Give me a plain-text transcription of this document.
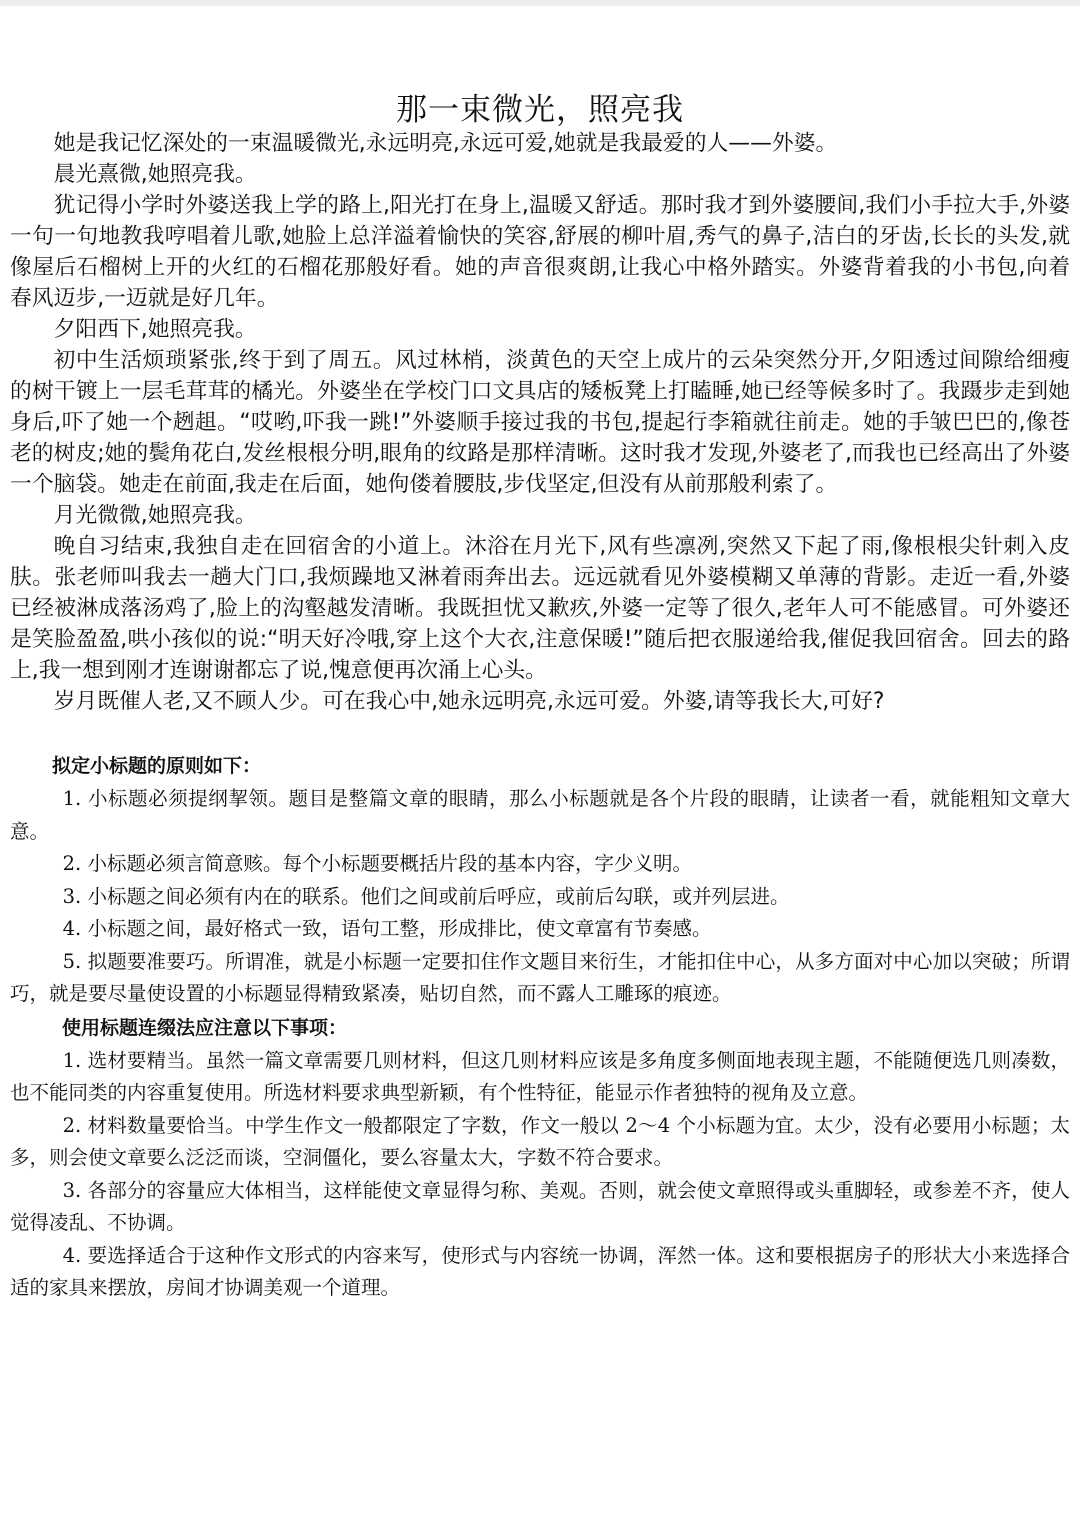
那一束微光，照亮我

她是我记忆深处的一束温暖微光,永远明亮,永远可爱,她就是我最爱的人——外婆。

晨光熹微,她照亮我。

犹记得小学时外婆送我上学的路上,阳光打在身上,温暖又舒适。那时我才到外婆腰间,我们小手拉大手,外婆一句一句地教我哼唱着儿歌,她脸上总洋溢着愉快的笑容,舒展的柳叶眉,秀气的鼻子,洁白的牙齿,长长的头发,就像屋后石榴树上开的火红的石榴花那般好看。她的声音很爽朗,让我心中格外踏实。外婆背着我的小书包,向着春风迈步,一迈就是好几年。

夕阳西下,她照亮我。

初中生活烦琐紧张,终于到了周五。风过林梢，淡黄色的天空上成片的云朵突然分开,夕阳透过间隙给细瘦的树干镀上一层毛茸茸的橘光。外婆坐在学校门口文具店的矮板凳上打瞌睡,她已经等候多时了。我蹑步走到她身后,吓了她一个趔趄。“哎哟,吓我一跳!”外婆顺手接过我的书包,提起行李箱就往前走。她的手皱巴巴的,像苍老的树皮;她的鬓角花白,发丝根根分明,眼角的纹路是那样清晰。这时我才发现,外婆老了,而我也已经高出了外婆一个脑袋。她走在前面,我走在后面，她佝偻着腰肢,步伐坚定,但没有从前那般利索了。

月光微微,她照亮我。

晚自习结束,我独自走在回宿舍的小道上。沐浴在月光下,风有些凛冽,突然又下起了雨,像根根尖针刺入皮肤。张老师叫我去一趟大门口,我烦躁地又淋着雨奔出去。远远就看见外婆模糊又单薄的背影。走近一看,外婆已经被淋成落汤鸡了,脸上的沟壑越发清晰。我既担忧又歉疚,外婆一定等了很久,老年人可不能感冒。可外婆还是笑脸盈盈,哄小孩似的说:“明天好冷哦,穿上这个大衣,注意保暖!”随后把衣服递给我,催促我回宿舍。回去的路上,我一想到刚才连谢谢都忘了说,愧意便再次涌上心头。

岁月既催人老,又不顾人少。可在我心中,她永远明亮,永远可爱。外婆,请等我长大,可好?

拟定小标题的原则如下：

1. 小标题必须提纲挈领。题目是整篇文章的眼睛，那么小标题就是各个片段的眼睛，让读者一看，就能粗知文章大意。

2. 小标题必须言简意赅。每个小标题要概括片段的基本内容，字少义明。

3. 小标题之间必须有内在的联系。他们之间或前后呼应，或前后勾联，或并列层进。

4. 小标题之间，最好格式一致，语句工整，形成排比，使文章富有节奏感。

5. 拟题要准要巧。所谓准，就是小标题一定要扣住作文题目来衍生，才能扣住中心，从多方面对中心加以突破；所谓巧，就是要尽量使设置的小标题显得精致紧凑，贴切自然，而不露人工雕琢的痕迹。

使用标题连缀法应注意以下事项：

1. 选材要精当。虽然一篇文章需要几则材料，但这几则材料应该是多角度多侧面地表现主题，不能随便选几则凑数，也不能同类的内容重复使用。所选材料要求典型新颖，有个性特征，能显示作者独特的视角及立意。

2. 材料数量要恰当。中学生作文一般都限定了字数，作文一般以 2～4 个小标题为宜。太少，没有必要用小标题；太多，则会使文章要么泛泛而谈，空洞僵化，要么容量太大，字数不符合要求。

3. 各部分的容量应大体相当，这样能使文章显得匀称、美观。否则，就会使文章照得或头重脚轻，或参差不齐，使人觉得凌乱、不协调。

4. 要选择适合于这种作文形式的内容来写，使形式与内容统一协调，浑然一体。这和要根据房子的形状大小来选择合适的家具来摆放，房间才协调美观一个道理。
